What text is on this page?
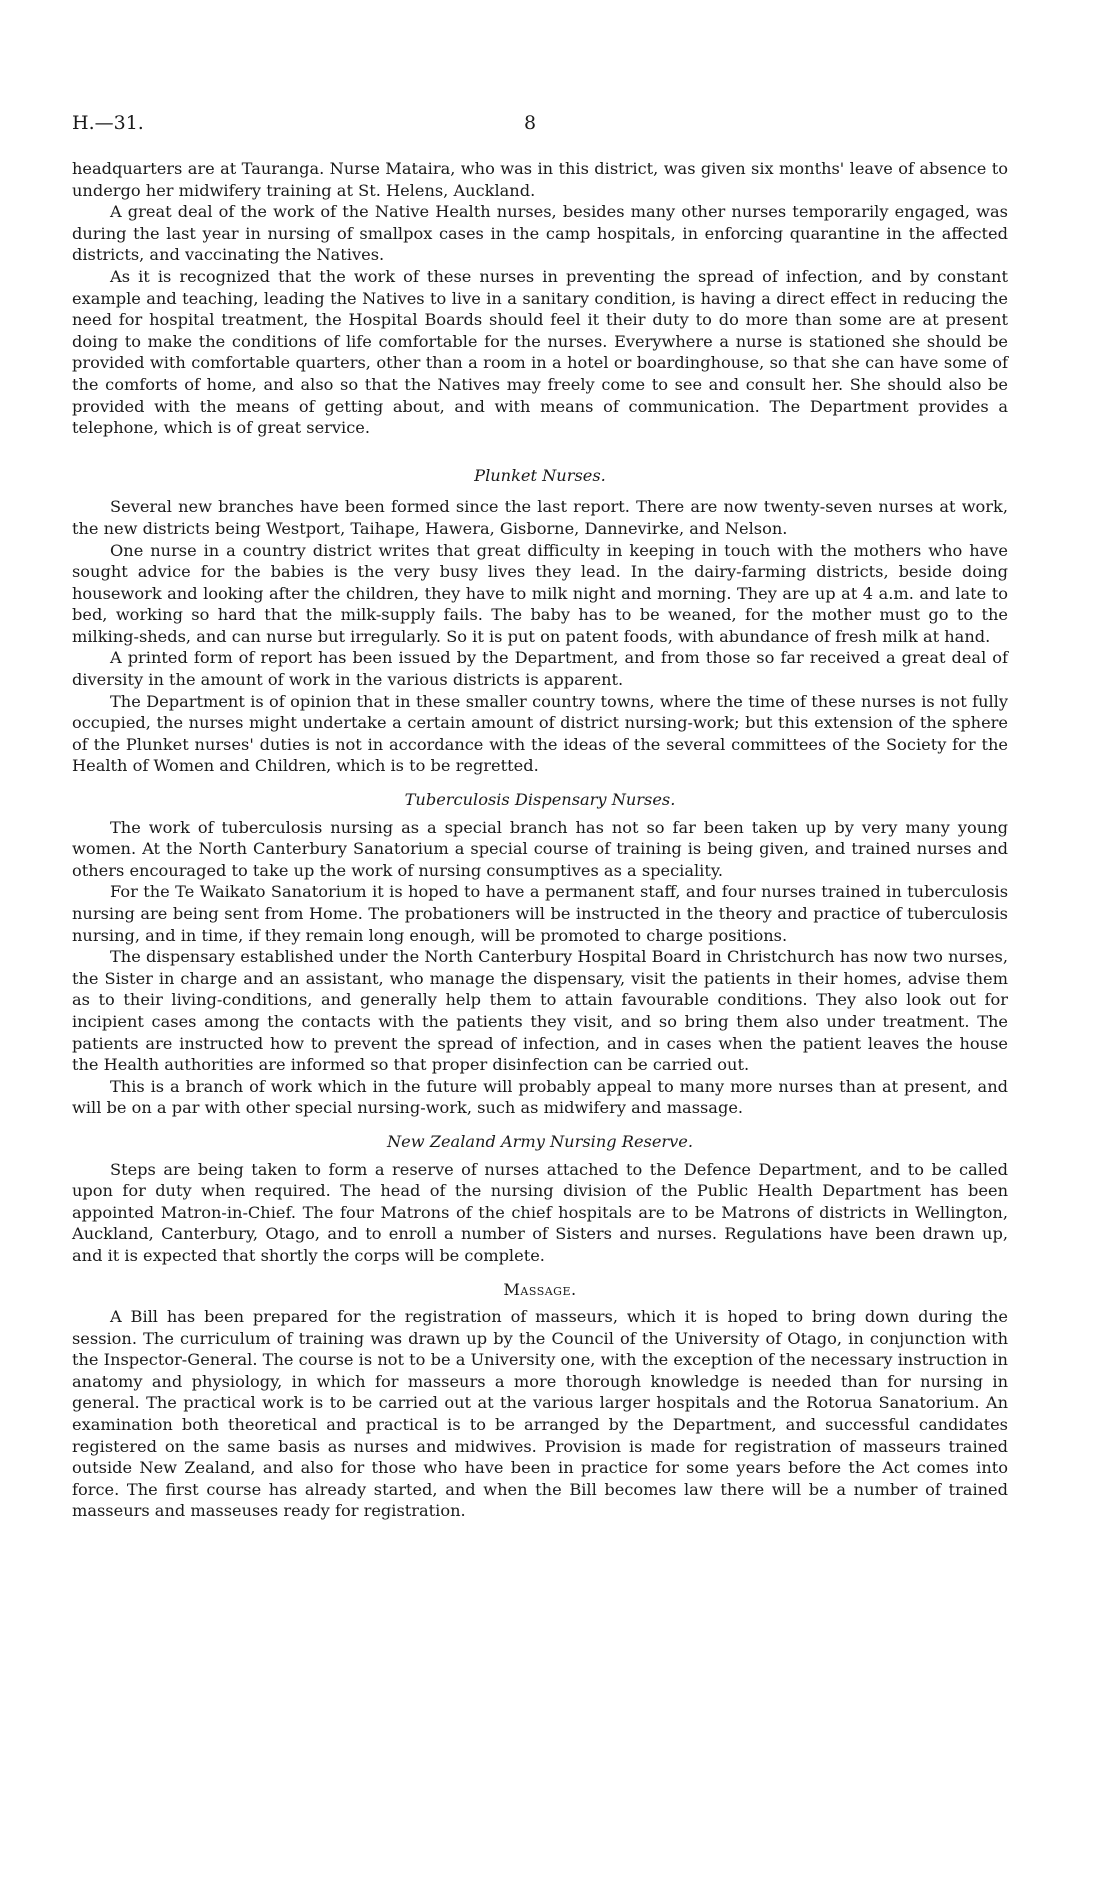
H.—31.	8

headquarters are at Tauranga. Nurse Mataira, who was in this district, was given six months' leave of absence to undergo her midwifery training at St. Helens, Auckland.

A great deal of the work of the Native Health nurses, besides many other nurses temporarily engaged, was during the last year in nursing of smallpox cases in the camp hospitals, in enforcing quarantine in the affected districts, and vaccinating the Natives.

As it is recognized that the work of these nurses in preventing the spread of infection, and by constant example and teaching, leading the Natives to live in a sanitary condition, is having a direct effect in reducing the need for hospital treatment, the Hospital Boards should feel it their duty to do more than some are at present doing to make the conditions of life comfortable for the nurses. Everywhere a nurse is stationed she should be provided with comfortable quarters, other than a room in a hotel or boardinghouse, so that she can have some of the comforts of home, and also so that the Natives may freely come to see and consult her. She should also be provided with the means of getting about, and with means of communication. The Department provides a telephone, which is of great service.

Plunket Nurses.

Several new branches have been formed since the last report. There are now twenty-seven nurses at work, the new districts being Westport, Taihape, Hawera, Gisborne, Dannevirke, and Nelson.

One nurse in a country district writes that great difficulty in keeping in touch with the mothers who have sought advice for the babies is the very busy lives they lead. In the dairy-farming districts, beside doing housework and looking after the children, they have to milk night and morning. They are up at 4 a.m. and late to bed, working so hard that the milk-supply fails. The baby has to be weaned, for the mother must go to the milking-sheds, and can nurse but irregularly. So it is put on patent foods, with abundance of fresh milk at hand.

A printed form of report has been issued by the Department, and from those so far received a great deal of diversity in the amount of work in the various districts is apparent.

The Department is of opinion that in these smaller country towns, where the time of these nurses is not fully occupied, the nurses might undertake a certain amount of district nursing-work; but this extension of the sphere of the Plunket nurses' duties is not in accordance with the ideas of the several committees of the Society for the Health of Women and Children, which is to be regretted.

Tuberculosis Dispensary Nurses.

The work of tuberculosis nursing as a special branch has not so far been taken up by very many young women. At the North Canterbury Sanatorium a special course of training is being given, and trained nurses and others encouraged to take up the work of nursing consumptives as a speciality.

For the Te Waikato Sanatorium it is hoped to have a permanent staff, and four nurses trained in tuberculosis nursing are being sent from Home. The probationers will be instructed in the theory and practice of tuberculosis nursing, and in time, if they remain long enough, will be promoted to charge positions.

The dispensary established under the North Canterbury Hospital Board in Christchurch has now two nurses, the Sister in charge and an assistant, who manage the dispensary, visit the patients in their homes, advise them as to their living-conditions, and generally help them to attain favourable conditions. They also look out for incipient cases among the contacts with the patients they visit, and so bring them also under treatment. The patients are instructed how to prevent the spread of infection, and in cases when the patient leaves the house the Health authorities are informed so that proper disinfection can be carried out.

This is a branch of work which in the future will probably appeal to many more nurses than at present, and will be on a par with other special nursing-work, such as midwifery and massage.

New Zealand Army Nursing Reserve.

Steps are being taken to form a reserve of nurses attached to the Defence Department, and to be called upon for duty when required. The head of the nursing division of the Public Health Department has been appointed Matron-in-Chief. The four Matrons of the chief hospitals are to be Matrons of districts in Wellington, Auckland, Canterbury, Otago, and to enroll a number of Sisters and nurses. Regulations have been drawn up, and it is expected that shortly the corps will be complete.

Massage.

A Bill has been prepared for the registration of masseurs, which it is hoped to bring down during the session. The curriculum of training was drawn up by the Council of the University of Otago, in conjunction with the Inspector-General. The course is not to be a University one, with the exception of the necessary instruction in anatomy and physiology, in which for masseurs a more thorough knowledge is needed than for nursing in general. The practical work is to be carried out at the various larger hospitals and the Rotorua Sanatorium. An examination both theoretical and practical is to be arranged by the Department, and successful candidates registered on the same basis as nurses and midwives. Provision is made for registration of masseurs trained outside New Zealand, and also for those who have been in practice for some years before the Act comes into force. The first course has already started, and when the Bill becomes law there will be a number of trained masseurs and masseuses ready for registration.
